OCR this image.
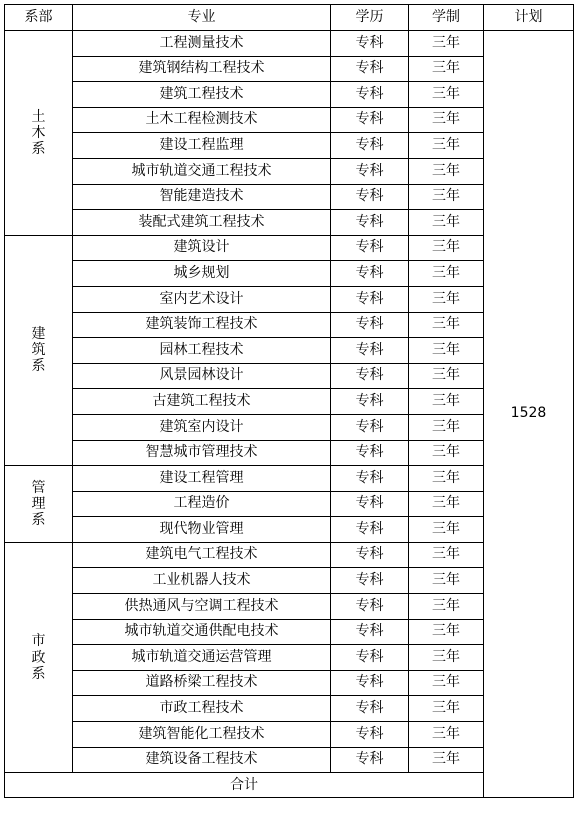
系部	专业	学历	学制	计划

土木系	工程测量技术	专科	三年	1528
	建筑钢结构工程技术	专科	三年	
	建筑工程技术	专科	三年	
	土木工程检测技术	专科	三年	
	建设工程监理	专科	三年	
	城市轨道交通工程技术	专科	三年	
	智能建造技术	专科	三年	
	装配式建筑工程技术	专科	三年	

建筑系	建筑设计	专科	三年	
	城乡规划	专科	三年	
	室内艺术设计	专科	三年	
	建筑装饰工程技术	专科	三年	
	园林工程技术	专科	三年	
	风景园林设计	专科	三年	
	古建筑工程技术	专科	三年	
	建筑室内设计	专科	三年	
	智慧城市管理技术	专科	三年	

管理系	建设工程管理	专科	三年	
	工程造价	专科	三年	
	现代物业管理	专科	三年	

市政系	建筑电气工程技术	专科	三年	
	工业机器人技术	专科	三年	
	供热通风与空调工程技术	专科	三年	
	城市轨道交通供配电技术	专科	三年	
	城市轨道交通运营管理	专科	三年	
	道路桥梁工程技术	专科	三年	
	市政工程技术	专科	三年	
	建筑智能化工程技术	专科	三年	
	建筑设备工程技术	专科	三年	
合计				
